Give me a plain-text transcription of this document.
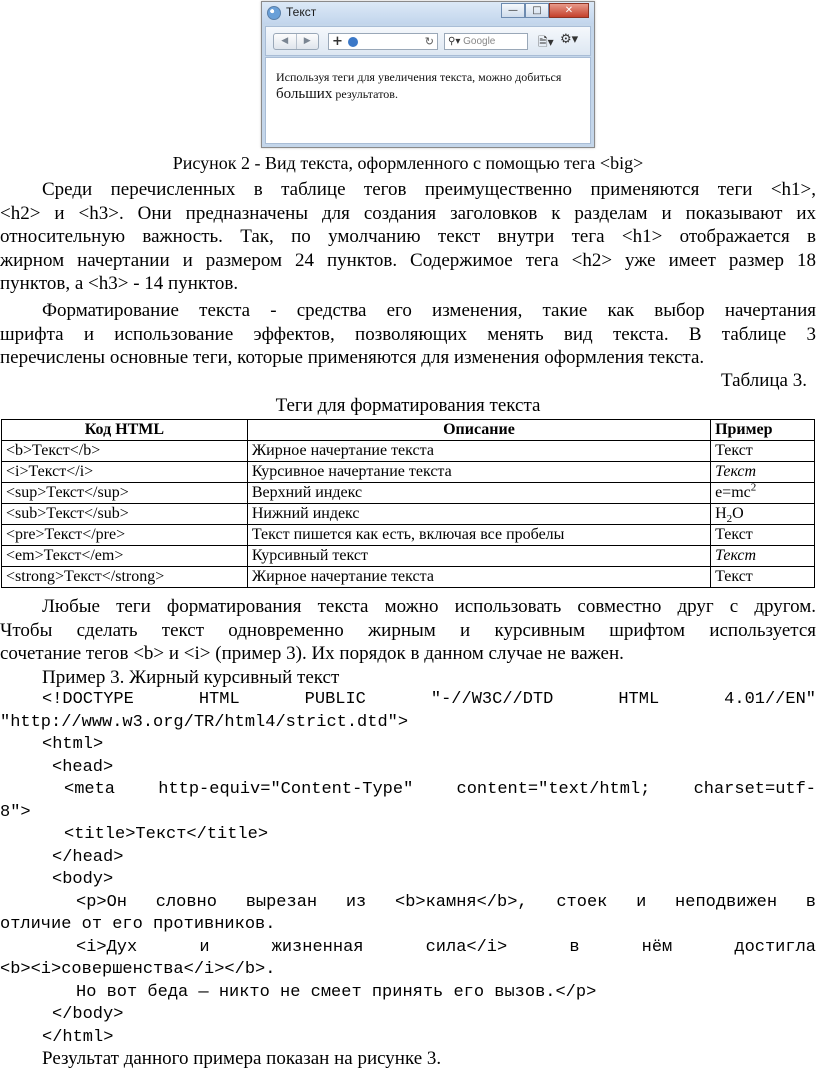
Текст	—	□	✕
◀	▶	+	↻	⚲▾ Google	🗎▾ ⚙▾
Используя теги для увеличения текста, можно добиться
больших результатов.
Рисунок 2 - Вид текста, оформленного с помощью тега <big>
Среди перечисленных в таблице тегов преимущественно применяются теги <h1>,
<h2> и <h3>. Они предназначены для создания заголовков к разделам и показывают их
относительную важность. Так, по умолчанию текст внутри тега <h1> отображается в
жирном начертании и размером 24 пунктов. Содержимое тега <h2> уже имеет размер 18
пунктов, а <h3> - 14 пунктов.
Форматирование текста - средства его изменения, такие как выбор начертания
шрифта и использование эффектов, позволяющих менять вид текста. В таблице 3
перечислены основные теги, которые применяются для изменения оформления текста.
Таблица 3.
Теги для форматирования текста
Код HTML	Описание	Пример
<b>Текст</b>	Жирное начертание текста	Текст
<i>Текст</i>	Курсивное начертание текста	Текст
<sup>Текст</sup>	Верхний индекс	$e=mc^2$
<sub>Текст</sub>	Нижний индекс	$H_2O$
<pre>Текст</pre>	Текст пишется как есть, включая все пробелы	Текст
<em>Текст</em>	Курсивный текст	Текст
<strong>Текст</strong>	Жирное начертание текста	Текст
Любые теги форматирования текста можно использовать совместно друг с другом.
Чтобы сделать текст одновременно жирным и курсивным шрифтом используется
сочетание тегов <b> и <i> (пример 3). Их порядок в данном случае не важен.
Пример 3. Жирный курсивный текст
<!DOCTYPE HTML PUBLIC "-//W3C//DTD HTML 4.01//EN"
"http://www.w3.org/TR/html4/strict.dtd">
<html>
<head>
<meta http-equiv="Content-Type" content="text/html; charset=utf-
8">
<title>Текст</title>
</head>
<body>
<p>Он словно вырезан из <b>камня</b>, стоек и неподвижен в
отличие от его противников.
<i>Дух и жизненная сила</i> в нём достигла
<b><i>совершенства</i></b>.
Но вот беда — никто не смеет принять его вызов.</p>
</body>
</html>
Результат данного примера показан на рисунке 3.
